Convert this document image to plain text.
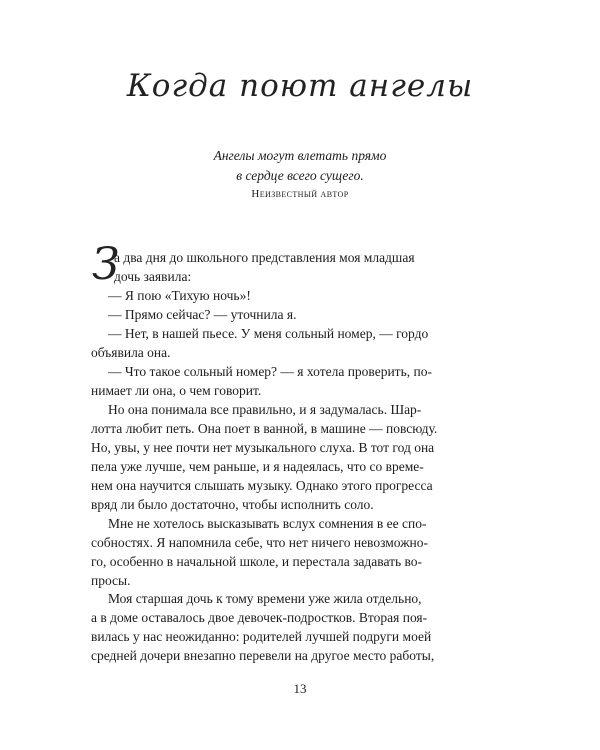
Когда поют ангелы
Ангелы могут влетать прямо
в сердце всего сущего.
Неизвестный автор
З
а два дня до школьного представления моя младшая
дочь заявила:
— Я пою «Тихую ночь»!
— Прямо сейчас? — уточнила я.
— Нет, в нашей пьесе. У меня сольный номер, — гордо
объявила она.
— Что такое сольный номер? — я хотела проверить, по-
нимает ли она, о чем говорит.
Но она понимала все правильно, и я задумалась. Шар-
лотта любит петь. Она поет в ванной, в машине — повсюду.
Но, увы, у нее почти нет музыкального слуха. В тот год она
пела уже лучше, чем раньше, и я надеялась, что со време-
нем она научится слышать музыку. Однако этого прогресса
вряд ли было достаточно, чтобы исполнить соло.
Мне не хотелось высказывать вслух сомнения в ее спо-
собностях. Я напомнила себе, что нет ничего невозможно-
го, особенно в начальной школе, и перестала задавать во-
просы.
Моя старшая дочь к тому времени уже жила отдельно,
а в доме оставалось двое девочек-подростков. Вторая поя-
вилась у нас неожиданно: родителей лучшей подруги моей
средней дочери внезапно перевели на другое место работы,
13
